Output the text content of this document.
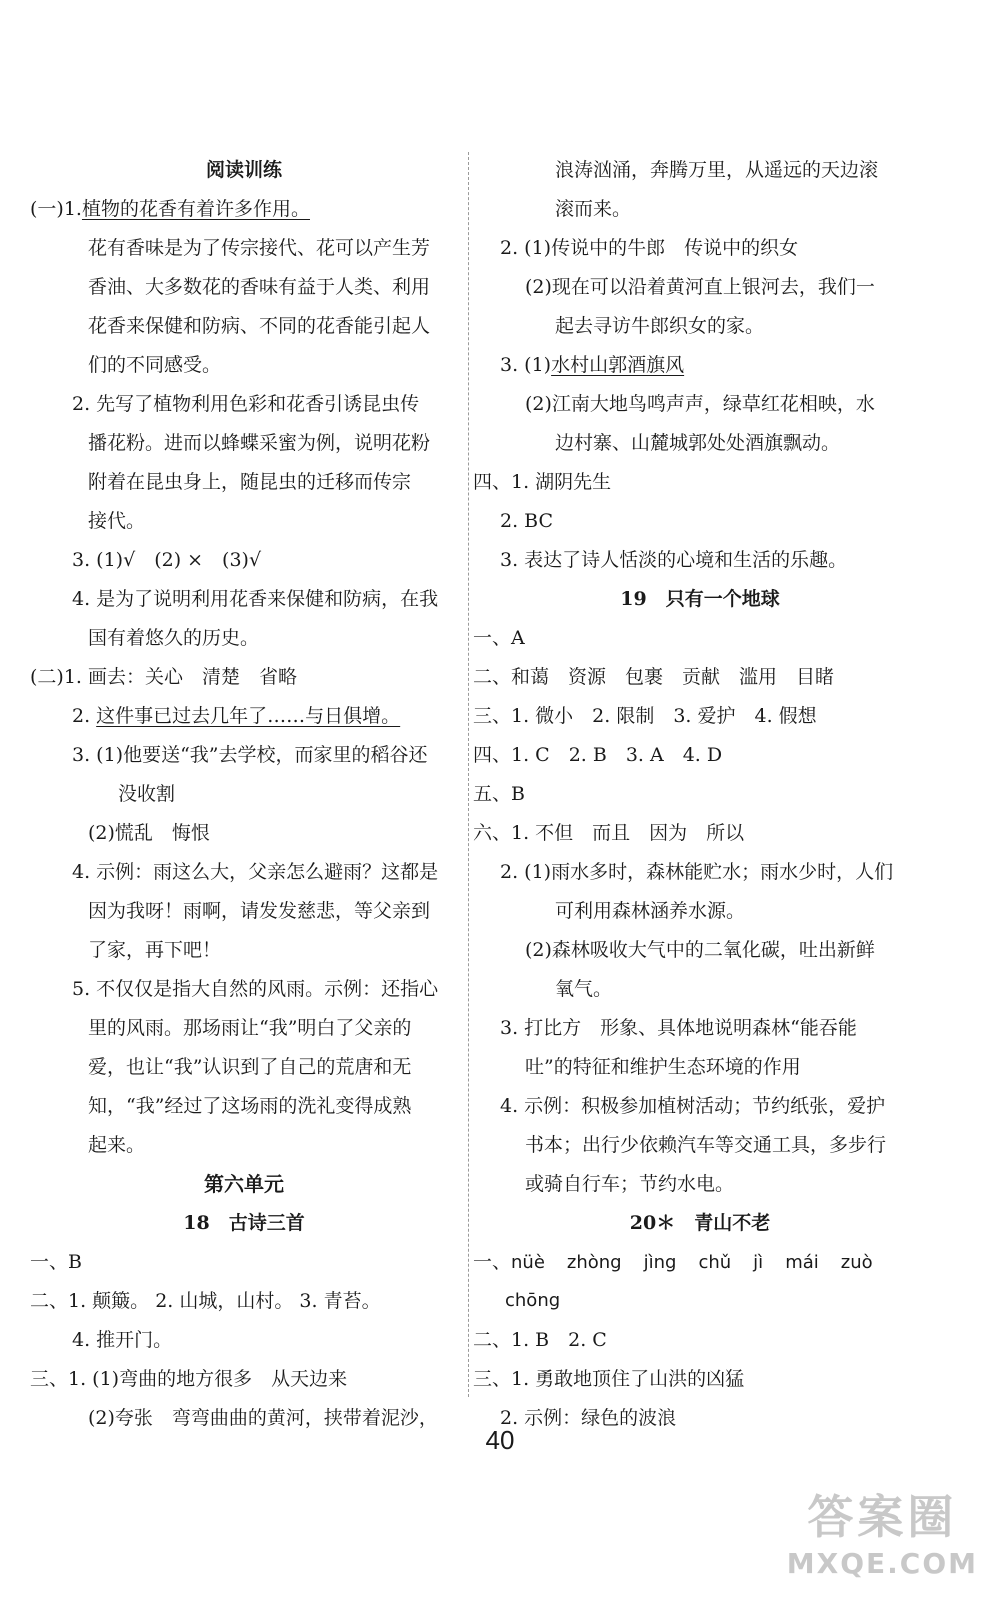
阅读训练
(一)1.植物的花香有着许多作用。
花有香味是为了传宗接代、花可以产生芳
香油、大多数花的香味有益于人类、利用
花香来保健和防病、不同的花香能引起人
们的不同感受。
2. 先写了植物利用色彩和花香引诱昆虫传
播花粉。进而以蜂蝶采蜜为例，说明花粉
附着在昆虫身上，随昆虫的迁移而传宗
接代。
3. (1)√　(2) ×　(3)√
4. 是为了说明利用花香来保健和防病，在我
国有着悠久的历史。
(二)1. 画去：关心　清楚　省略
2. 这件事已过去几年了……与日俱增。
3. (1)他要送“我”去学校，而家里的稻谷还
没收割
(2)慌乱　悔恨
4. 示例：雨这么大，父亲怎么避雨？这都是
因为我呀！雨啊，请发发慈悲，等父亲到
了家，再下吧！
5. 不仅仅是指大自然的风雨。示例：还指心
里的风雨。那场雨让“我”明白了父亲的
爱，也让“我”认识到了自己的荒唐和无
知，“我”经过了这场雨的洗礼变得成熟
起来。
第六单元
18　古诗三首
一、B
二、1. 颠簸。 2. 山城，山村。 3. 青苔。
4. 推开门。
三、1. (1)弯曲的地方很多　从天边来
(2)夸张　弯弯曲曲的黄河，挟带着泥沙，
浪涛汹涌，奔腾万里，从遥远的天边滚
滚而来。
2. (1)传说中的牛郎　传说中的织女
(2)现在可以沿着黄河直上银河去，我们一
起去寻访牛郎织女的家。
3. (1)水村山郭酒旗风
(2)江南大地鸟鸣声声，绿草红花相映，水
边村寨、山麓城郭处处酒旗飘动。
四、1. 湖阴先生
2. BC
3. 表达了诗人恬淡的心境和生活的乐趣。
19　只有一个地球
一、A
二、和蔼　资源　包裹　贡献　滥用　目睹
三、1. 微小　2. 限制　3. 爱护　4. 假想
四、1. C　2. B　3. A　4. D
五、B
六、1. 不但　而且　因为　所以
2. (1)雨水多时，森林能贮水；雨水少时，人们
可利用森林涵养水源。
(2)森林吸收大气中的二氧化碳，吐出新鲜
氧气。
3. 打比方　形象、具体地说明森林“能吞能
吐”的特征和维护生态环境的作用
4. 示例：积极参加植树活动；节约纸张，爱护
书本；出行少依赖汽车等交通工具，多步行
或骑自行车；节约水电。
20＊　青山不老
一、nüè zhòng jìng chǔ jì mái zuò
chōng
二、1. B　2. C
三、1. 勇敢地顶住了山洪的凶猛
2. 示例：绿色的波浪
40
答案圈
MXQE.COM
